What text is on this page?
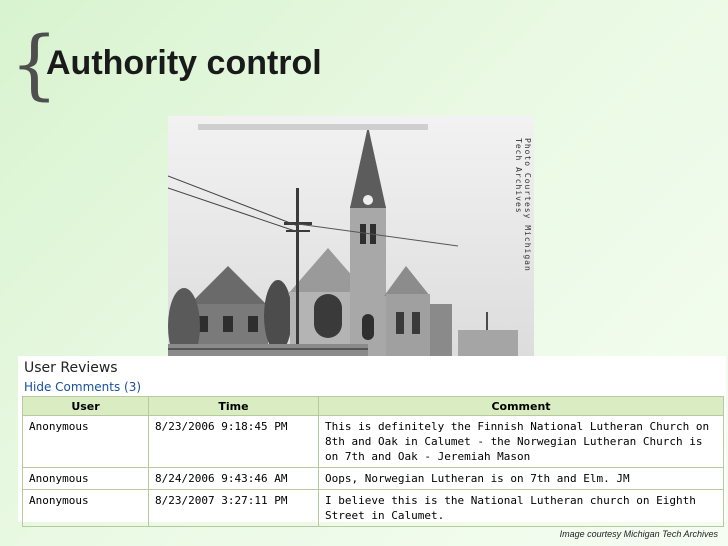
{
Authority control
Photo Courtesy Michigan Tech Archives
User Reviews
Hide Comments (3)
User	Time	Comment
Anonymous	8/23/2006 9:18:45 PM	This is definitely the Finnish National Lutheran Church on 8th and Oak in Calumet - the Norwegian Lutheran Church is on 7th and Oak - Jeremiah Mason
Anonymous	8/24/2006 9:43:46 AM	Oops, Norwegian Lutheran is on 7th and Elm. JM
Anonymous	8/23/2007 3:27:11 PM	I believe this is the National Lutheran church on Eighth Street in Calumet.
Image courtesy Michigan Tech Archives
